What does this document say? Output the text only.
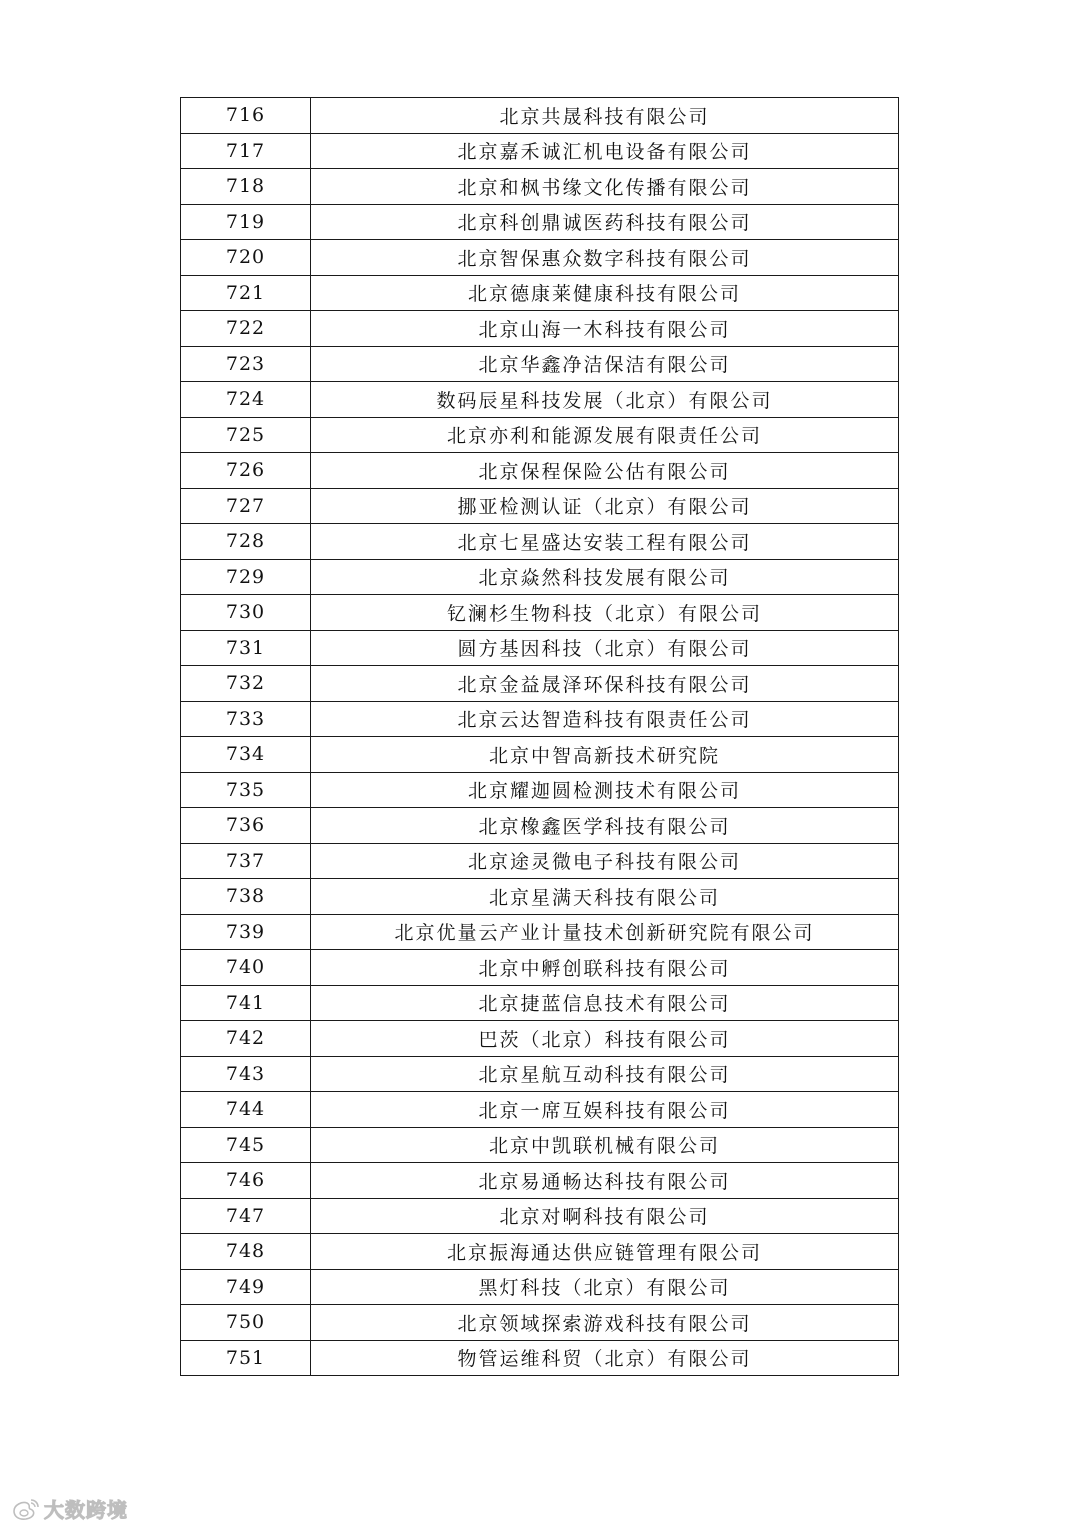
716	北京共晟科技有限公司
717	北京嘉禾诚汇机电设备有限公司
718	北京和枫书缘文化传播有限公司
719	北京科创鼎诚医药科技有限公司
720	北京智保惠众数字科技有限公司
721	北京德康莱健康科技有限公司
722	北京山海一木科技有限公司
723	北京华鑫净洁保洁有限公司
724	数码辰星科技发展（北京）有限公司
725	北京亦利和能源发展有限责任公司
726	北京保程保险公估有限公司
727	挪亚检测认证（北京）有限公司
728	北京七星盛达安装工程有限公司
729	北京焱然科技发展有限公司
730	钇澜杉生物科技（北京）有限公司
731	圆方基因科技（北京）有限公司
732	北京金益晟泽环保科技有限公司
733	北京云达智造科技有限责任公司
734	北京中智高新技术研究院
735	北京耀迦圆检测技术有限公司
736	北京橡鑫医学科技有限公司
737	北京途灵微电子科技有限公司
738	北京星满天科技有限公司
739	北京优量云产业计量技术创新研究院有限公司
740	北京中孵创联科技有限公司
741	北京捷蓝信息技术有限公司
742	巴茨（北京）科技有限公司
743	北京星航互动科技有限公司
744	北京一席互娱科技有限公司
745	北京中凯联机械有限公司
746	北京易通畅达科技有限公司
747	北京对啊科技有限公司
748	北京振海通达供应链管理有限公司
749	黑灯科技（北京）有限公司
750	北京领域探索游戏科技有限公司
751	物管运维科贸（北京）有限公司
大数跨境
